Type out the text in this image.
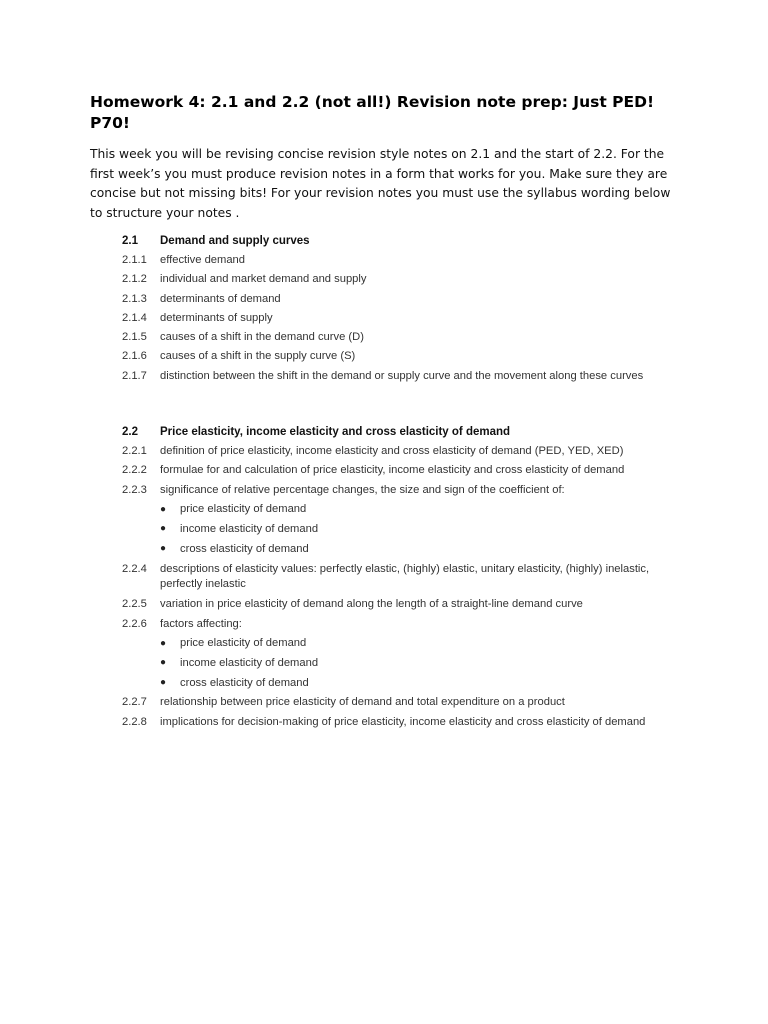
Homework 4: 2.1 and 2.2 (not all!) Revision note prep: Just PED! P70!
This week you will be revising concise revision style notes on 2.1 and the start of 2.2. For the first week’s you must produce revision notes in a form that works for you. Make sure they are concise but not missing bits! For your revision notes you must use the syllabus wording below to structure your notes .
2.1	Demand and supply curves
2.1.1	effective demand
2.1.2	individual and market demand and supply
2.1.3	determinants of demand
2.1.4	determinants of supply
2.1.5	causes of a shift in the demand curve (D)
2.1.6	causes of a shift in the supply curve (S)
2.1.7	distinction between the shift in the demand or supply curve and the movement along these curves
2.2	Price elasticity, income elasticity and cross elasticity of demand
2.2.1	definition of price elasticity, income elasticity and cross elasticity of demand (PED, YED, XED)
2.2.2	formulae for and calculation of price elasticity, income elasticity and cross elasticity of demand
2.2.3	significance of relative percentage changes, the size and sign of the coefficient of:
●	price elasticity of demand
●	income elasticity of demand
●	cross elasticity of demand
2.2.4	descriptions of elasticity values: perfectly elastic, (highly) elastic, unitary elasticity, (highly) inelastic, perfectly inelastic
2.2.5	variation in price elasticity of demand along the length of a straight-line demand curve
2.2.6	factors affecting:
●	price elasticity of demand
●	income elasticity of demand
●	cross elasticity of demand
2.2.7	relationship between price elasticity of demand and total expenditure on a product
2.2.8	implications for decision-making of price elasticity, income elasticity and cross elasticity of demand
